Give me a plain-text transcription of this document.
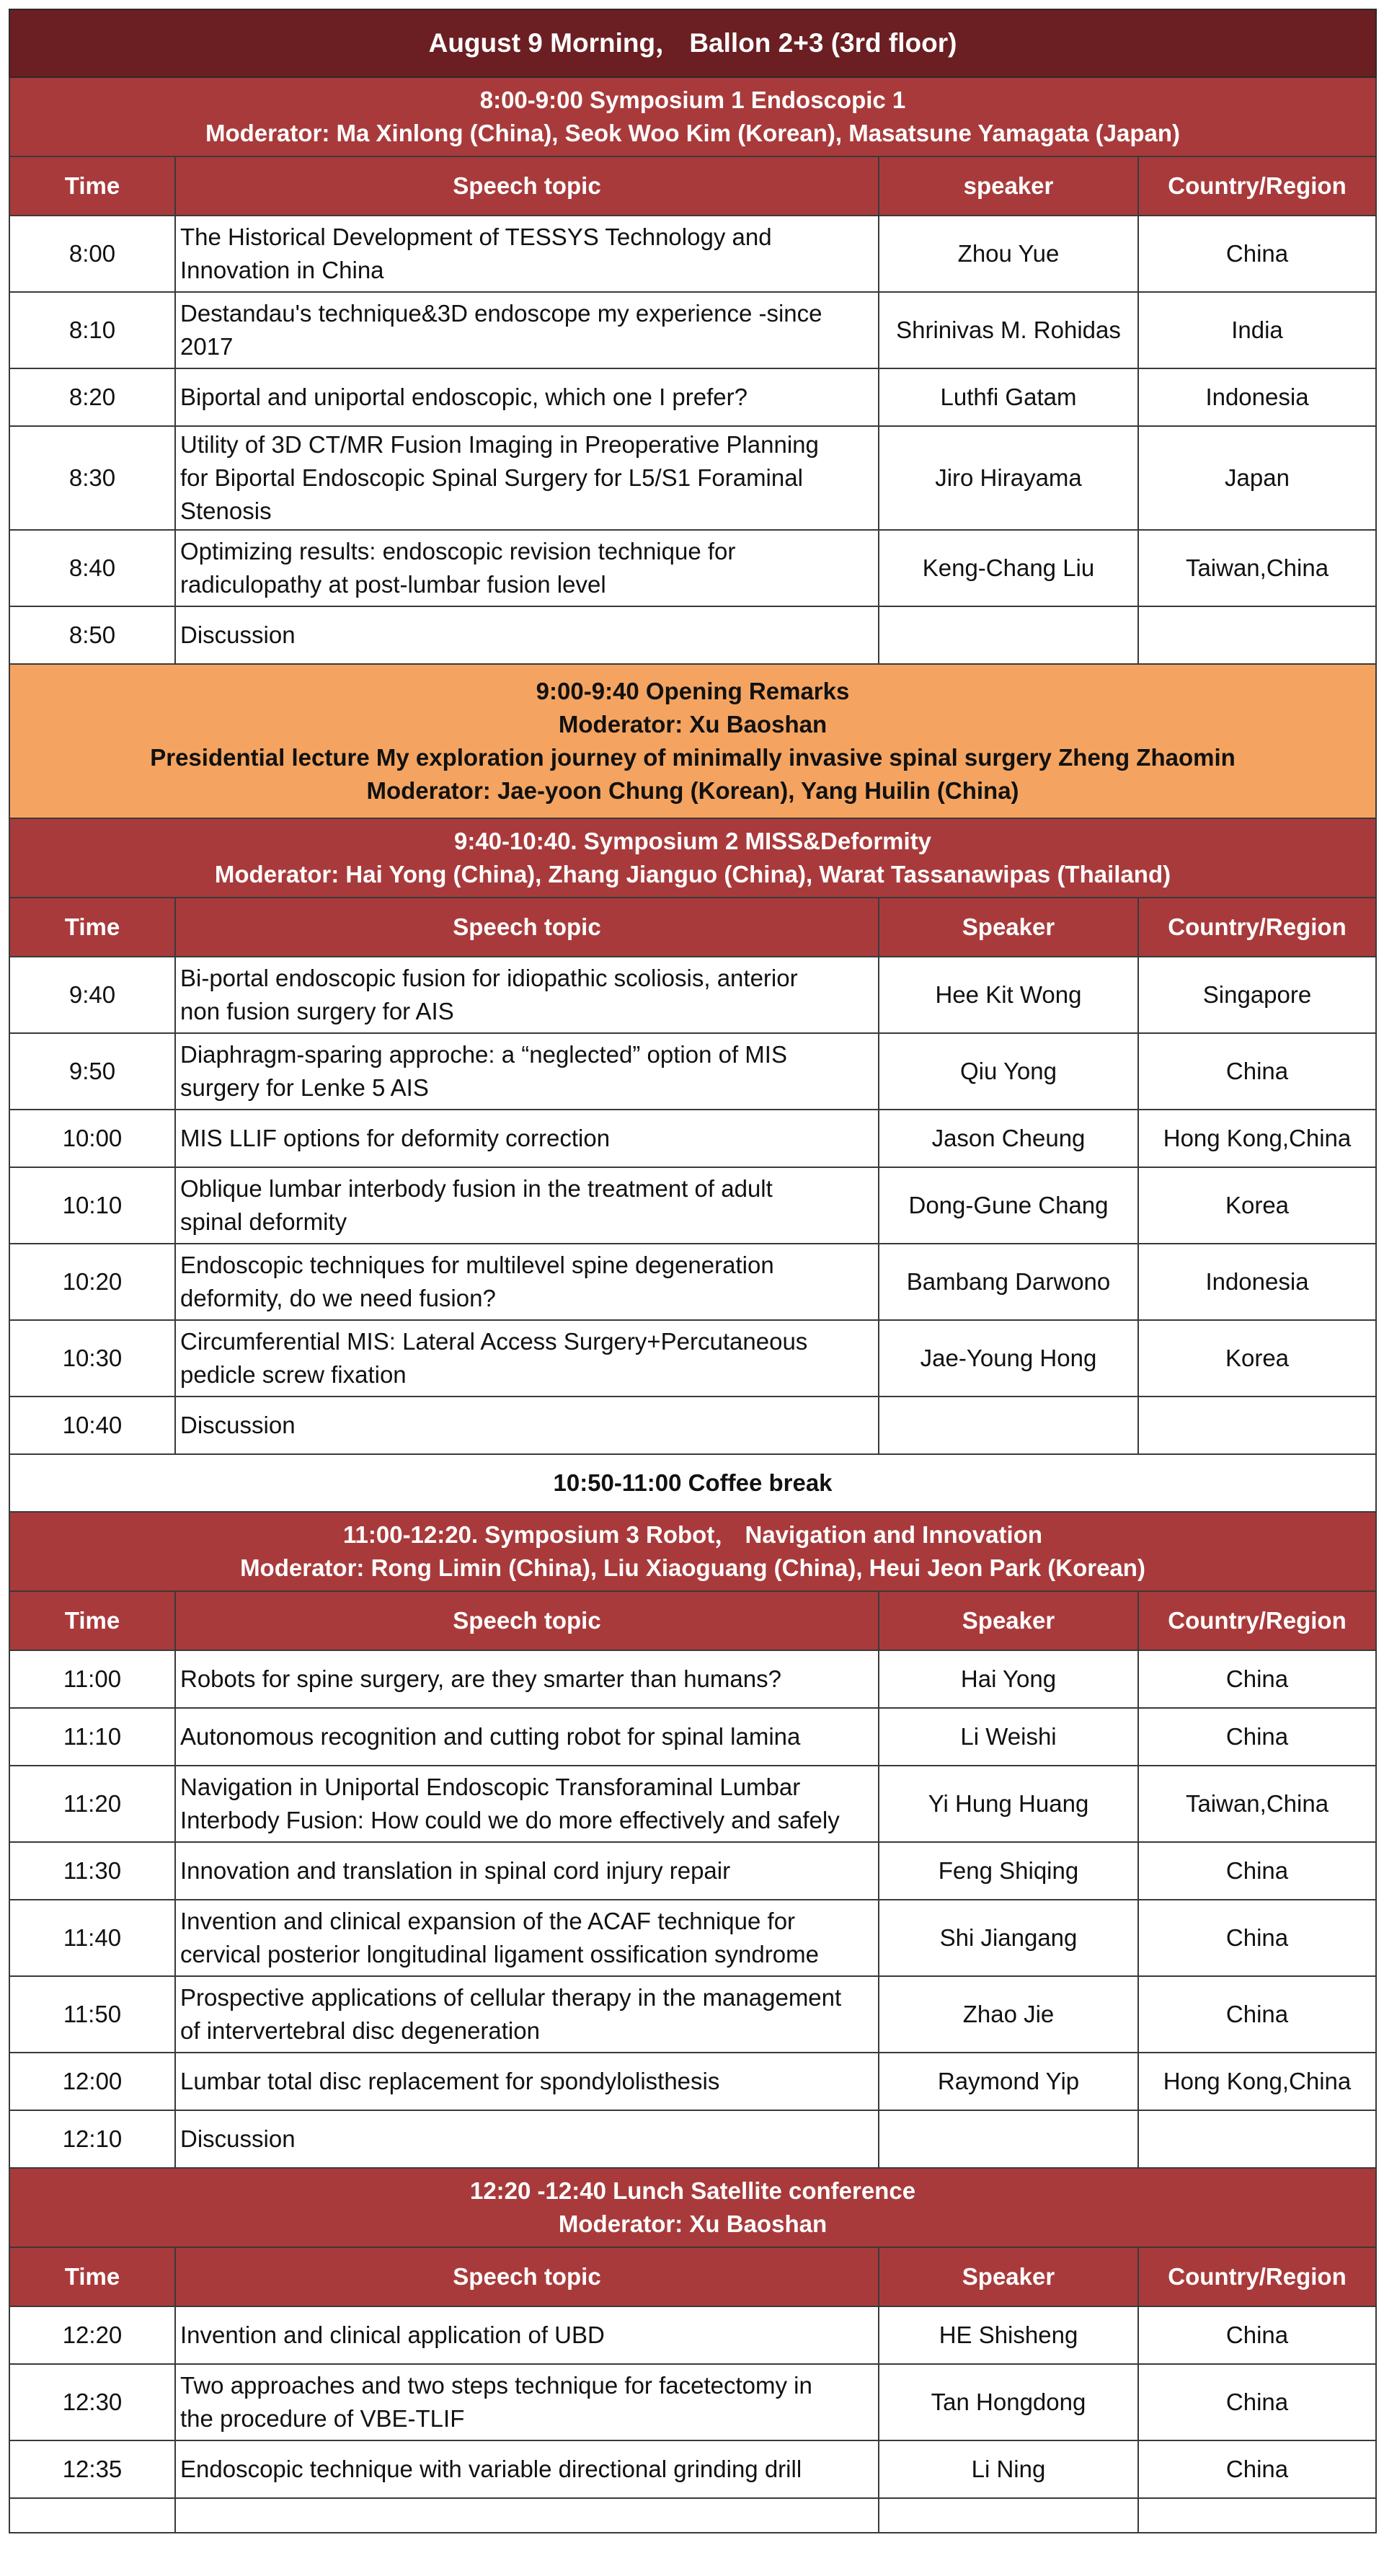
August 9 Morning， Ballon 2+3 (3rd floor)			

8:00-9:00 Symposium 1 Endoscopic 1
Moderator: Ma Xinlong (China), Seok Woo Kim (Korean), Masatsune Yamagata (Japan)			

Time	Speech topic	speaker	Country/Region
8:00	The Historical Development of TESSYS Technology and
Innovation in China	Zhou Yue	China
8:10	Destandau's technique&3D endoscope my experience -since
2017	Shrinivas M. Rohidas	India
8:20	Biportal and uniportal endoscopic, which one I prefer?	Luthfi Gatam	Indonesia
8:30	Utility of 3D CT/MR Fusion Imaging in Preoperative Planning
for Biportal Endoscopic Spinal Surgery for L5/S1 Foraminal
Stenosis	Jiro Hirayama	Japan
8:40	Optimizing results: endoscopic revision technique for
radiculopathy at post-lumbar fusion level	Keng-Chang Liu	Taiwan,China
8:50	Discussion		

9:00-9:40 Opening Remarks
Moderator: Xu Baoshan
Presidential lecture My exploration journey of minimally invasive spinal surgery Zheng Zhaomin
Moderator: Jae-yoon Chung (Korean), Yang Huilin (China)			

9:40-10:40. Symposium 2 MISS&Deformity
Moderator: Hai Yong (China), Zhang Jianguo (China), Warat Tassanawipas (Thailand)			

Time	Speech topic	Speaker	Country/Region
9:40	Bi-portal endoscopic fusion for idiopathic scoliosis, anterior
non fusion surgery for AIS	Hee Kit Wong	Singapore
9:50	Diaphragm-sparing approche: a “neglected” option of MIS
surgery for Lenke 5 AIS	Qiu Yong	China
10:00	MIS LLIF options for deformity correction	Jason Cheung	Hong Kong,China
10:10	Oblique lumbar interbody fusion in the treatment of adult
spinal deformity	Dong-Gune Chang	Korea
10:20	Endoscopic techniques for multilevel spine degeneration
deformity, do we need fusion?	Bambang Darwono	Indonesia
10:30	Circumferential MIS: Lateral Access Surgery+Percutaneous
pedicle screw fixation	Jae-Young Hong	Korea
10:40	Discussion		

10:50-11:00 Coffee break			

11:00-12:20. Symposium 3 Robot， Navigation and Innovation
Moderator: Rong Limin (China), Liu Xiaoguang (China), Heui Jeon Park (Korean)			

Time	Speech topic	Speaker	Country/Region
11:00	Robots for spine surgery, are they smarter than humans?	Hai Yong	China
11:10	Autonomous recognition and cutting robot for spinal lamina	Li Weishi	China
11:20	Navigation in Uniportal Endoscopic Transforaminal Lumbar
Interbody Fusion: How could we do more effectively and safely	Yi Hung Huang	Taiwan,China
11:30	Innovation and translation in spinal cord injury repair	Feng Shiqing	China
11:40	Invention and clinical expansion of the ACAF technique for
cervical posterior longitudinal ligament ossification syndrome	Shi Jiangang	China
11:50	Prospective applications of cellular therapy in the management
of intervertebral disc degeneration	Zhao Jie	China
12:00	Lumbar total disc replacement for spondylolisthesis	Raymond Yip	Hong Kong,China
12:10	Discussion		

12:20 -12:40 Lunch Satellite conference
Moderator: Xu Baoshan			

Time	Speech topic	Speaker	Country/Region
12:20	Invention and clinical application of UBD	HE Shisheng	China
12:30	Two approaches and two steps technique for facetectomy in
the procedure of VBE-TLIF	Tan Hongdong	China
12:35	Endoscopic technique with variable directional grinding drill	Li Ning	China
